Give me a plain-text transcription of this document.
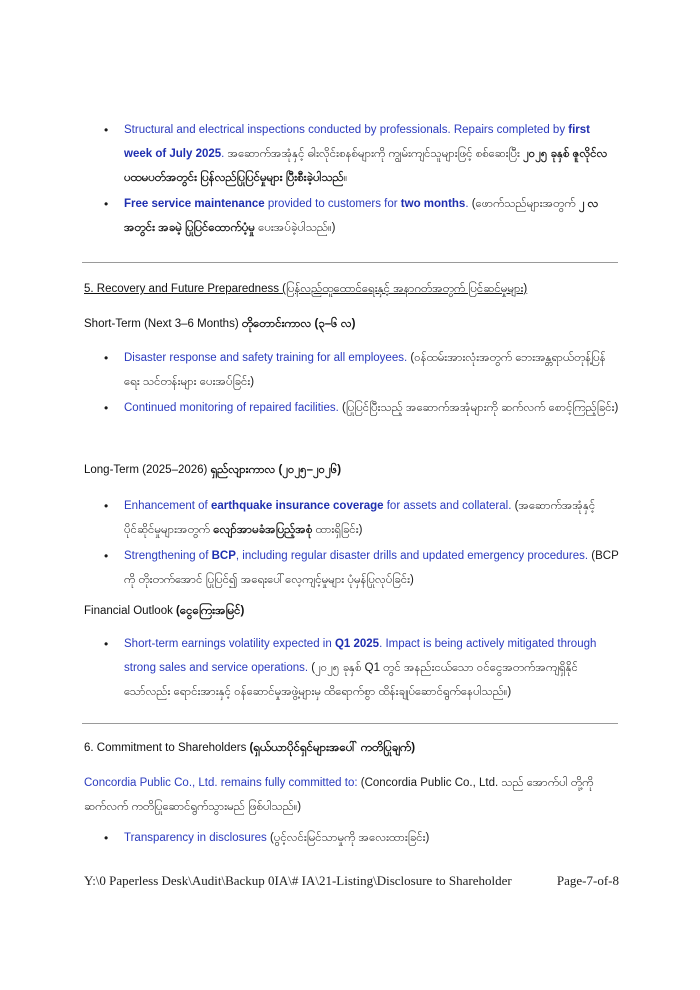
• Structural and electrical inspections conducted by professionals. Repairs completed by first week of July 2025. အဆောက်အအုံနှင့် ဓါးလိုင်းစနစ်များကို ကျွမ်းကျင်သူများဖြင့် စစ်ဆေးပြီး ၂၀၂၅ ခုနှစ် ဇူလိုင်လ ပထမပတ်အတွင်း ပြန်လည်ပြုပြင်မှုများ ပြီးစီးခဲ့ပါသည်။
• Free service maintenance provided to customers for two months. (ဖောက်သည်များအတွက် ၂ လအတွင်း အခမဲ့ ပြုပြင်ထောက်ပံ့မှု ပေးအပ်ခဲ့ပါသည်။)
5. Recovery and Future Preparedness (ပြန်လည်ထူထောင်ရေးနှင့် အနာဂတ်အတွက် ပြင်ဆင်မှုများ)
Short-Term (Next 3–6 Months) တိုတောင်းကာလ (၃–၆ လ)
• Disaster response and safety training for all employees. (ဝန်ထမ်းအားလုံးအတွက် ဘေးအန္တရာယ်တုန့်ပြန်ရေး သင်တန်းများ ပေးအပ်ခြင်း)
• Continued monitoring of repaired facilities. (ပြုပြင်ပြီးသည့် အဆောက်အအုံများကို ဆက်လက် စောင့်ကြည့်ခြင်း)
Long-Term (2025–2026) ရှည်လျားကာလ (၂၀၂၅–၂၀၂၆)
• Enhancement of earthquake insurance coverage for assets and collateral. (အဆောက်အအုံနှင့် ပိုင်ဆိုင်မှုများအတွက် လျော်အာမခံအပြည့်အစုံ ထားရှိခြင်း)
• Strengthening of BCP, including regular disaster drills and updated emergency procedures. (BCP ကို တိုးတက်အောင် ပြုပြင်၍ အရေးပေါ်လေ့ကျင့်မှုများ ပုံမှန်ပြုလုပ်ခြင်း)
Financial Outlook (ငွေကြေးအမြင်)
• Short-term earnings volatility expected in Q1 2025. Impact is being actively mitigated through strong sales and service operations. (၂၀၂၅ ခုနှစ် Q1 တွင် အနည်းငယ်သော ဝင်ငွေအတက်အကျရှိနိုင်သော်လည်း ရောင်းအားနှင့် ဝန်ဆောင်မှုအဖွဲ့များမှ ထိရောက်စွာ ထိန်းချုပ်ဆောင်ရွက်နေပါသည်။)
6. Commitment to Shareholders (ရှယ်ယာပိုင်ရှင်များအပေါ် ကတိပြုချက်)
Concordia Public Co., Ltd. remains fully committed to: (Concordia Public Co., Ltd. သည် အောက်ပါ တို့ကို ဆက်လက် ကတိပြုဆောင်ရွက်သွားမည် ဖြစ်ပါသည်။)
• Transparency in disclosures (ပွင့်လင်းမြင်သာမှုကို အလေးထားခြင်း)
Y:\0 Paperless Desk\Audit\Backup 0IA\# IA\21-Listing\Disclosure to Shareholder	Page-7-of-8
